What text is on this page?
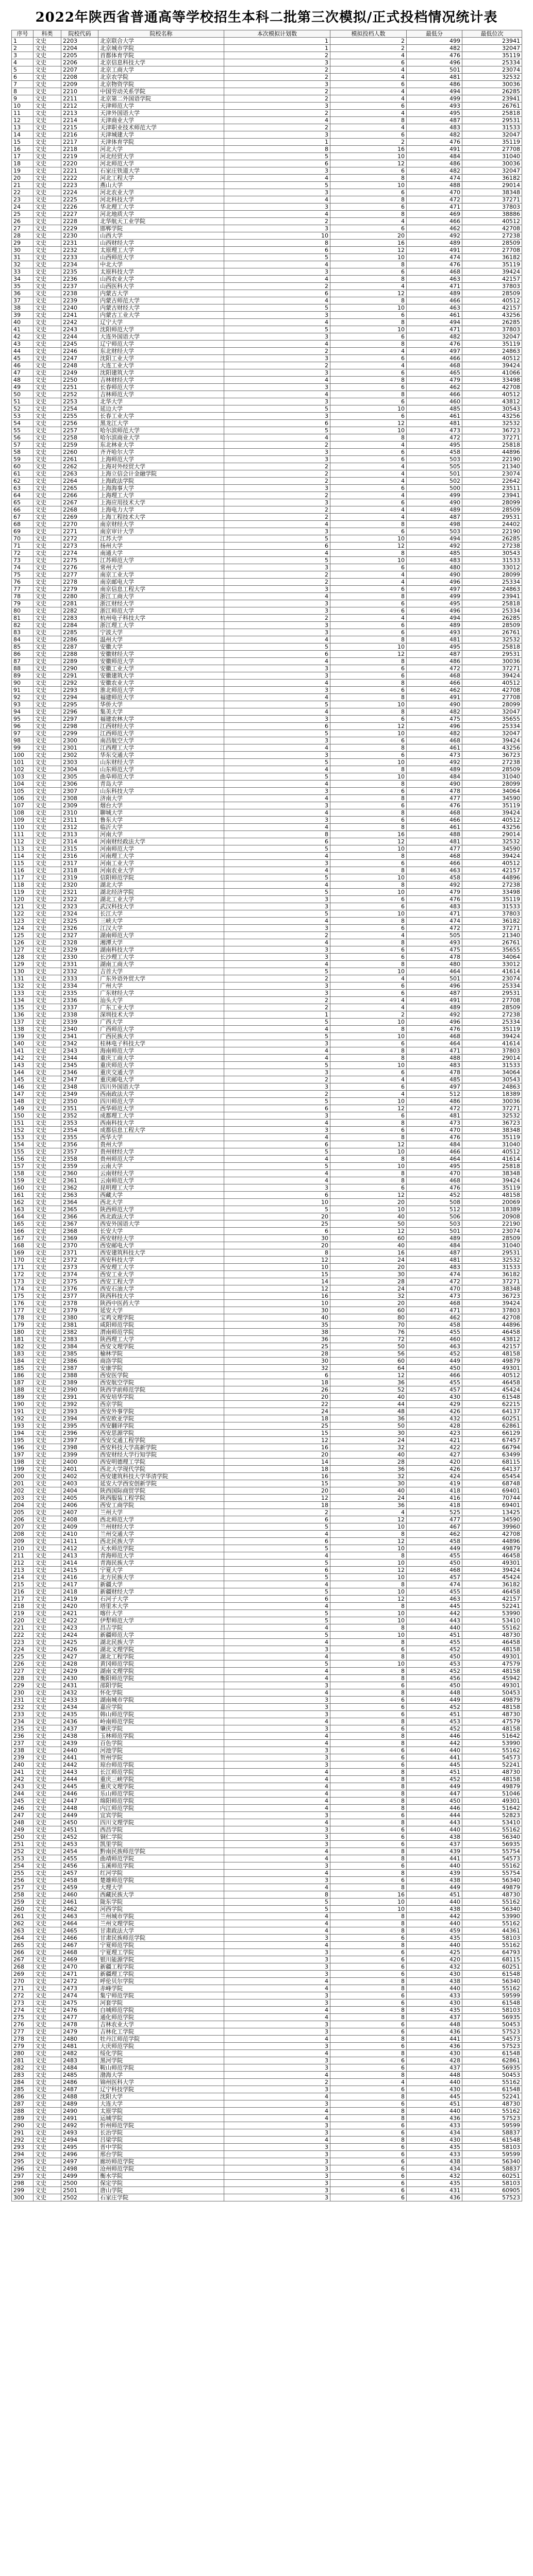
2022年陕西省普通高等学校招生本科二批第三次模拟/正式投档情况统计表
序号	科类	院校代码	院校名称	本次模拟计划数	模拟投档人数	最低分	最低位次
1	文史	2203	北京联合大学	1	2	499	23941
2	文史	2204	北京城市学院	1	2	482	32047
3	文史	2205	首都体育学院	2	4	476	35119
4	文史	2206	北京信息科技大学	3	6	496	25334
5	文史	2207	北京工商大学	2	4	501	23074
6	文史	2208	北京农学院	2	4	481	32532
7	文史	2209	北京物资学院	3	6	486	30036
8	文史	2210	中国劳动关系学院	2	4	494	26285
9	文史	2211	北京第二外国语学院	2	4	499	23941
10	文史	2212	天津师范大学	3	6	493	26761
11	文史	2213	天津外国语大学	2	4	495	25818
12	文史	2214	天津商业大学	4	8	487	29531
13	文史	2215	天津职业技术师范大学	2	4	483	31533
14	文史	2216	天津城建大学	3	6	482	32047
15	文史	2217	天津体育学院	1	2	476	35119
16	文史	2218	河北大学	8	16	491	27708
17	文史	2219	河北经贸大学	5	10	484	31040
18	文史	2220	河北师范大学	6	12	486	30036
19	文史	2221	石家庄铁道大学	3	6	482	32047
20	文史	2222	河北工程大学	4	8	474	36182
21	文史	2223	燕山大学	5	10	488	29014
22	文史	2224	河北农业大学	3	6	470	38348
23	文史	2225	河北科技大学	4	8	472	37271
24	文史	2226	华北理工大学	3	6	471	37803
25	文史	2227	河北地质大学	4	8	469	38886
26	文史	2228	北华航天工业学院	2	4	466	40512
27	文史	2229	邯郸学院	3	6	462	42708
28	文史	2230	山西大学	10	20	492	27238
29	文史	2231	山西财经大学	8	16	489	28509
30	文史	2232	太原理工大学	6	12	491	27708
31	文史	2233	山西师范大学	5	10	474	36182
32	文史	2234	中北大学	4	8	476	35119
33	文史	2235	太原科技大学	3	6	468	39424
34	文史	2236	山西农业大学	4	8	463	42157
35	文史	2237	山西医科大学	2	4	471	37803
36	文史	2238	内蒙古大学	6	12	489	28509
37	文史	2239	内蒙古师范大学	4	8	466	40512
38	文史	2240	内蒙古财经大学	5	10	463	42157
39	文史	2241	内蒙古工业大学	3	6	461	43256
40	文史	2242	辽宁大学	4	8	494	26285
41	文史	2243	沈阳师范大学	5	10	471	37803
42	文史	2244	大连外国语大学	3	6	482	32047
43	文史	2245	辽宁师范大学	4	8	476	35119
44	文史	2246	东北财经大学	2	4	497	24863
45	文史	2247	沈阳工业大学	3	6	466	40512
46	文史	2248	大连工业大学	2	4	468	39424
47	文史	2249	沈阳建筑大学	3	6	465	41066
48	文史	2250	吉林财经大学	4	8	479	33498
49	文史	2251	长春师范大学	3	6	462	42708
50	文史	2252	吉林师范大学	4	8	466	40512
51	文史	2253	北华大学	3	6	460	43812
52	文史	2254	延边大学	5	10	485	30543
53	文史	2255	长春工业大学	3	6	461	43256
54	文史	2256	黑龙江大学	6	12	481	32532
55	文史	2257	哈尔滨师范大学	5	10	473	36723
56	文史	2258	哈尔滨商业大学	4	8	472	37271
57	文史	2259	东北林业大学	2	4	495	25818
58	文史	2260	齐齐哈尔大学	3	6	458	44896
59	文史	2261	上海师范大学	3	6	503	22190
60	文史	2262	上海对外经贸大学	2	4	505	21340
61	文史	2263	上海立信会计金融学院	2	4	501	23074
62	文史	2264	上海政法学院	2	4	502	22642
63	文史	2265	上海海事大学	3	6	500	23511
64	文史	2266	上海理工大学	2	4	499	23941
65	文史	2267	上海应用技术大学	3	6	490	28099
66	文史	2268	上海电力大学	2	4	489	28509
67	文史	2269	上海工程技术大学	2	4	487	29531
68	文史	2270	南京财经大学	4	8	498	24402
69	文史	2271	南京审计大学	3	6	503	22190
70	文史	2272	江苏大学	5	10	494	26285
71	文史	2273	扬州大学	6	12	492	27238
72	文史	2274	南通大学	4	8	485	30543
73	文史	2275	江苏师范大学	5	10	483	31533
74	文史	2276	常州大学	3	6	480	33012
75	文史	2277	南京工业大学	2	4	490	28099
76	文史	2278	南京邮电大学	2	4	496	25334
77	文史	2279	南京信息工程大学	3	6	497	24863
78	文史	2280	浙江工商大学	4	8	499	23941
79	文史	2281	浙江财经大学	3	6	495	25818
80	文史	2282	浙江师范大学	3	6	496	25334
81	文史	2283	杭州电子科技大学	2	4	494	26285
82	文史	2284	浙江理工大学	3	6	489	28509
83	文史	2285	宁波大学	3	6	493	26761
84	文史	2286	温州大学	4	8	481	32532
85	文史	2287	安徽大学	5	10	495	25818
86	文史	2288	安徽财经大学	6	12	487	29531
87	文史	2289	安徽师范大学	4	8	486	30036
88	文史	2290	安徽工业大学	3	6	472	37271
89	文史	2291	安徽建筑大学	3	6	468	39424
90	文史	2292	安徽农业大学	4	8	466	40512
91	文史	2293	淮北师范大学	3	6	462	42708
92	文史	2294	福建师范大学	4	8	491	27708
93	文史	2295	华侨大学	5	10	490	28099
94	文史	2296	集美大学	4	8	482	32047
95	文史	2297	福建农林大学	3	6	475	35655
96	文史	2298	江西财经大学	6	12	496	25334
97	文史	2299	江西师范大学	5	10	482	32047
98	文史	2300	南昌航空大学	3	6	468	39424
99	文史	2301	江西理工大学	4	8	461	43256
100	文史	2302	华东交通大学	3	6	473	36723
101	文史	2303	山东财经大学	5	10	492	27238
102	文史	2304	山东师范大学	4	8	489	28509
103	文史	2305	曲阜师范大学	5	10	484	31040
104	文史	2306	青岛大学	4	8	490	28099
105	文史	2307	山东科技大学	3	6	478	34064
106	文史	2308	济南大学	4	8	477	34590
107	文史	2309	烟台大学	3	6	476	35119
108	文史	2310	聊城大学	4	8	468	39424
109	文史	2311	鲁东大学	3	6	466	40512
110	文史	2312	临沂大学	4	8	461	43256
111	文史	2313	河南大学	8	16	488	29014
112	文史	2314	河南财经政法大学	6	12	481	32532
113	文史	2315	河南师范大学	5	10	477	34590
114	文史	2316	河南理工大学	4	8	468	39424
115	文史	2317	河南工业大学	3	6	466	40512
116	文史	2318	河南农业大学	4	8	463	42157
117	文史	2319	信阳师范学院	5	10	458	44896
118	文史	2320	湖北大学	4	8	492	27238
119	文史	2321	湖北经济学院	5	10	479	33498
120	文史	2322	湖北工业大学	3	6	476	35119
121	文史	2323	武汉科技大学	3	6	483	31533
122	文史	2324	长江大学	5	10	471	37803
123	文史	2325	三峡大学	4	8	474	36182
124	文史	2326	江汉大学	3	6	472	37271
125	文史	2327	湖南师范大学	2	4	505	21340
126	文史	2328	湘潭大学	4	8	493	26761
127	文史	2329	湖南科技大学	3	6	475	35655
128	文史	2330	长沙理工大学	3	6	478	34064
129	文史	2331	湖南工商大学	4	8	480	33012
130	文史	2332	吉首大学	5	10	464	41614
131	文史	2333	广东外语外贸大学	2	4	501	23074
132	文史	2334	广州大学	3	6	496	25334
133	文史	2335	广东财经大学	3	6	487	29531
134	文史	2336	汕头大学	2	4	491	27708
135	文史	2337	广东工业大学	2	4	489	28509
136	文史	2338	深圳技术大学	1	2	492	27238
137	文史	2339	广西大学	5	10	496	25334
138	文史	2340	广西师范大学	4	8	476	35119
139	文史	2341	广西民族大学	5	10	468	39424
140	文史	2342	桂林电子科技大学	3	6	464	41614
141	文史	2343	海南师范大学	4	8	471	37803
142	文史	2344	重庆工商大学	4	8	488	29014
143	文史	2345	重庆师范大学	5	10	483	31533
144	文史	2346	重庆交通大学	3	6	478	34064
145	文史	2347	重庆邮电大学	2	4	485	30543
146	文史	2348	四川外国语大学	3	6	497	24863
147	文史	2349	西南政法大学	2	4	512	18389
148	文史	2350	四川师范大学	5	10	486	30036
149	文史	2351	西华师范大学	6	12	472	37271
150	文史	2352	成都理工大学	3	6	481	32532
151	文史	2353	西南科技大学	4	8	473	36723
152	文史	2354	成都信息工程大学	3	6	470	38348
153	文史	2355	西华大学	4	8	476	35119
154	文史	2356	贵州大学	6	12	484	31040
155	文史	2357	贵州财经大学	5	10	466	40512
156	文史	2358	贵州师范大学	4	8	464	41614
157	文史	2359	云南大学	5	10	495	25818
158	文史	2360	云南财经大学	4	8	470	38348
159	文史	2361	云南师范大学	4	8	468	39424
160	文史	2362	昆明理工大学	3	6	476	35119
161	文史	2363	西藏大学	6	12	452	48158
162	文史	2364	西北大学	10	20	508	20069
163	文史	2365	陕西师范大学	5	10	512	18389
164	文史	2366	西北政法大学	20	40	506	20908
165	文史	2367	西安外国语大学	25	50	503	22190
166	文史	2368	长安大学	6	12	501	23074
167	文史	2369	西安财经大学	30	60	489	28509
168	文史	2370	西安邮电大学	20	40	484	31040
169	文史	2371	西安建筑科技大学	8	16	487	29531
170	文史	2372	西安科技大学	12	24	481	32532
171	文史	2373	西安理工大学	10	20	483	31533
172	文史	2374	西安工业大学	15	30	474	36182
173	文史	2375	西安工程大学	14	28	472	37271
174	文史	2376	西安石油大学	12	24	470	38348
175	文史	2377	陕西科技大学	16	32	473	36723
176	文史	2378	陕西中医药大学	10	20	468	39424
177	文史	2379	延安大学	30	60	471	37803
178	文史	2380	宝鸡文理学院	40	80	462	42708
179	文史	2381	咸阳师范学院	35	70	458	44896
180	文史	2382	渭南师范学院	38	76	455	46458
181	文史	2383	陕西理工大学	36	72	460	43812
182	文史	2384	西安文理学院	25	50	463	42157
183	文史	2385	榆林学院	28	56	452	48158
184	文史	2386	商洛学院	30	60	449	49879
185	文史	2387	安康学院	32	64	450	49301
186	文史	2388	西安医学院	6	12	466	40512
187	文史	2389	西安航空学院	18	36	455	46458
188	文史	2390	陕西学前师范学院	26	52	457	45424
189	文史	2391	西安培华学院	20	40	430	61548
190	文史	2392	西京学院	22	44	429	62215
191	文史	2393	西安外事学院	24	48	426	64137
192	文史	2394	西安欧亚学院	18	36	432	60251
193	文史	2395	西安翻译学院	25	50	428	62861
194	文史	2396	西安思源学院	15	30	423	66129
195	文史	2397	西安交通工程学院	12	24	421	67457
196	文史	2398	西安科技大学高新学院	16	32	422	66794
197	文史	2399	西安财经大学行知学院	20	40	427	63499
198	文史	2400	西安明德理工学院	14	28	420	68115
199	文史	2401	西北大学现代学院	18	36	426	64137
200	文史	2402	西安建筑科技大学华清学院	16	32	424	65454
201	文史	2403	延安大学西安创新学院	15	30	419	68748
202	文史	2404	陕西国际商贸学院	20	40	418	69401
203	文史	2405	陕西服装工程学院	12	24	416	70744
204	文史	2406	西安工商学院	18	36	418	69401
205	文史	2407	兰州大学	2	4	525	13425
206	文史	2408	西北师范大学	6	12	477	34590
207	文史	2409	兰州财经大学	5	10	467	39960
208	文史	2410	兰州交通大学	4	8	462	42708
209	文史	2411	西北民族大学	6	12	458	44896
210	文史	2412	天水师范学院	5	10	449	49879
211	文史	2413	青海师范大学	4	8	455	46458
212	文史	2414	青海民族大学	5	10	450	49301
213	文史	2415	宁夏大学	6	12	468	39424
214	文史	2416	北方民族大学	5	10	457	45424
215	文史	2417	新疆大学	4	8	474	36182
216	文史	2418	新疆财经大学	5	10	455	46458
217	文史	2419	石河子大学	6	12	463	42157
218	文史	2420	塔里木大学	4	8	445	52241
219	文史	2421	喀什大学	5	10	442	53990
220	文史	2422	伊犁师范大学	5	10	443	53410
221	文史	2423	昌吉学院	4	8	440	55162
222	文史	2424	新疆师范大学	5	10	451	48730
223	文史	2425	湖北民族大学	4	8	455	46458
224	文史	2426	湖北文理学院	3	6	452	48158
225	文史	2427	湖北工程学院	4	8	450	49301
226	文史	2428	黄冈师范学院	5	10	453	47579
227	文史	2429	湖南文理学院	4	8	452	48158
228	文史	2430	衡阳师范学院	4	8	456	45942
229	文史	2431	邵阳学院	3	6	450	49301
230	文史	2432	怀化学院	4	8	448	50453
231	文史	2433	湖南城市学院	3	6	449	49879
232	文史	2434	嘉应学院	3	6	452	48158
233	文史	2435	韩山师范学院	3	6	451	48730
234	文史	2436	岭南师范学院	4	8	453	47579
235	文史	2437	肇庆学院	3	6	452	48158
236	文史	2438	玉林师范学院	4	8	446	51642
237	文史	2439	百色学院	4	8	442	53990
238	文史	2440	河池学院	3	6	440	55162
239	文史	2441	贺州学院	3	6	441	54573
240	文史	2442	琼台师范学院	3	6	445	52241
241	文史	2443	长江师范学院	4	8	451	48730
242	文史	2444	重庆三峡学院	4	8	452	48158
243	文史	2445	重庆文理学院	4	8	449	49879
244	文史	2446	乐山师范学院	4	8	447	51046
245	文史	2447	绵阳师范学院	4	8	450	49301
246	文史	2448	内江师范学院	4	8	446	51642
247	文史	2449	宜宾学院	3	6	444	52823
248	文史	2450	四川文理学院	4	8	443	53410
249	文史	2451	西昌学院	3	6	440	55162
250	文史	2452	铜仁学院	3	6	438	56340
251	文史	2453	凯里学院	3	6	437	56935
252	文史	2454	黔南民族师范学院	4	8	439	55754
253	文史	2455	曲靖师范学院	4	8	441	54573
254	文史	2456	玉溪师范学院	3	6	440	55162
255	文史	2457	红河学院	4	8	439	55754
256	文史	2458	楚雄师范学院	3	6	438	56340
257	文史	2459	大理大学	4	8	449	49879
258	文史	2460	西藏民族大学	8	16	451	48730
259	文史	2461	陇东学院	5	10	440	55162
260	文史	2462	河西学院	5	10	438	56340
261	文史	2463	兰州城市学院	4	8	442	53990
262	文史	2464	兰州文理学院	4	8	440	55162
263	文史	2465	甘肃政法大学	4	8	459	44361
264	文史	2466	甘肃民族师范学院	3	6	435	58103
265	文史	2467	宁夏师范学院	4	8	440	55162
266	文史	2468	宁夏理工学院	3	6	425	64793
267	文史	2469	银川能源学院	3	6	420	68115
268	文史	2470	新疆工程学院	3	6	432	60251
269	文史	2471	新疆理工学院	3	6	430	61548
270	文史	2472	呼伦贝尔学院	4	8	438	56340
271	文史	2473	赤峰学院	4	8	440	55162
272	文史	2474	集宁师范学院	3	6	433	59599
273	文史	2475	河套学院	3	6	430	61548
274	文史	2476	白城师范学院	4	8	435	58103
275	文史	2477	通化师范学院	4	8	437	56935
276	文史	2478	吉林农业大学	3	6	448	50453
277	文史	2479	吉林化工学院	3	6	436	57523
278	文史	2480	牡丹江师范学院	4	8	441	54573
279	文史	2481	大庆师范学院	3	6	436	57523
280	文史	2482	绥化学院	4	8	430	61548
281	文史	2483	黑河学院	3	6	428	62861
282	文史	2484	鞍山师范学院	3	6	437	56935
283	文史	2485	渤海大学	4	8	448	50453
284	文史	2486	锦州医科大学	2	4	440	55162
285	文史	2487	辽宁科技学院	3	6	430	61548
286	文史	2488	沈阳大学	4	8	445	52241
287	文史	2489	大连大学	3	6	451	48730
288	文史	2490	太原学院	4	8	440	55162
289	文史	2491	运城学院	4	8	436	57523
290	文史	2492	忻州师范学院	3	6	433	59599
291	文史	2493	长治学院	3	6	434	58837
292	文史	2494	吕梁学院	4	8	430	61548
293	文史	2495	晋中学院	3	6	435	58103
294	文史	2496	邢台学院	3	6	433	59599
295	文史	2497	廊坊师范学院	3	6	438	56340
296	文史	2498	沧州师范学院	3	6	434	58837
297	文史	2499	衡水学院	3	6	432	60251
298	文史	2500	保定学院	3	6	435	58103
299	文史	2501	唐山学院	3	6	431	60905
300	文史	2502	石家庄学院	3	6	436	57523
